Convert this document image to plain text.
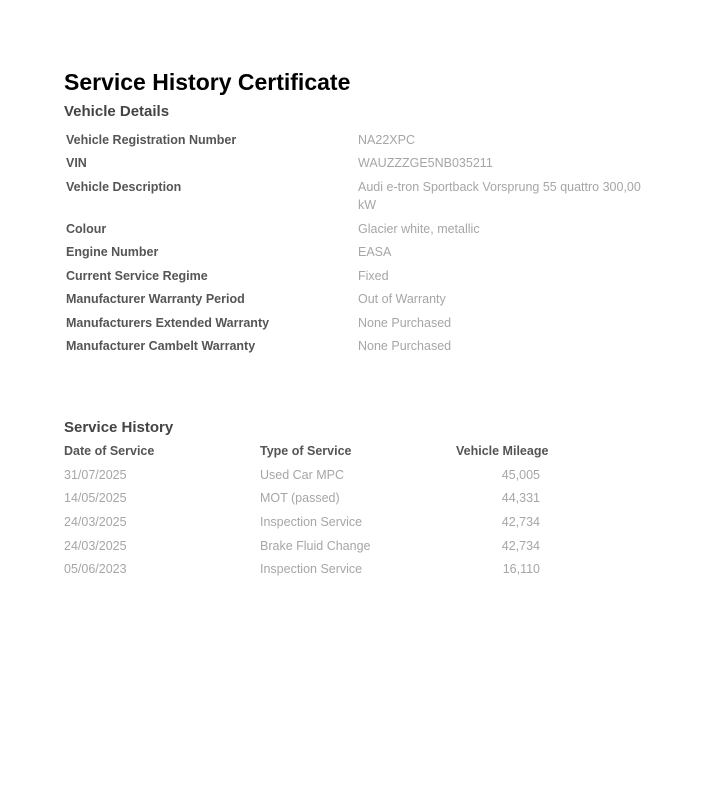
Service History Certificate
Vehicle Details
Vehicle Registration Number	NA22XPC
VIN	WAUZZZGE5NB035211
Vehicle Description	Audi e-tron Sportback Vorsprung 55 quattro 300,00 kW
Colour	Glacier white, metallic
Engine Number	EASA
Current Service Regime	Fixed
Manufacturer Warranty Period	Out of Warranty
Manufacturers Extended Warranty	None Purchased
Manufacturer Cambelt Warranty	None Purchased
Service History
Date of Service	Type of Service	Vehicle Mileage
31/07/2025	Used Car MPC	45,005
14/05/2025	MOT (passed)	44,331
24/03/2025	Inspection Service	42,734
24/03/2025	Brake Fluid Change	42,734
05/06/2023	Inspection Service	16,110
